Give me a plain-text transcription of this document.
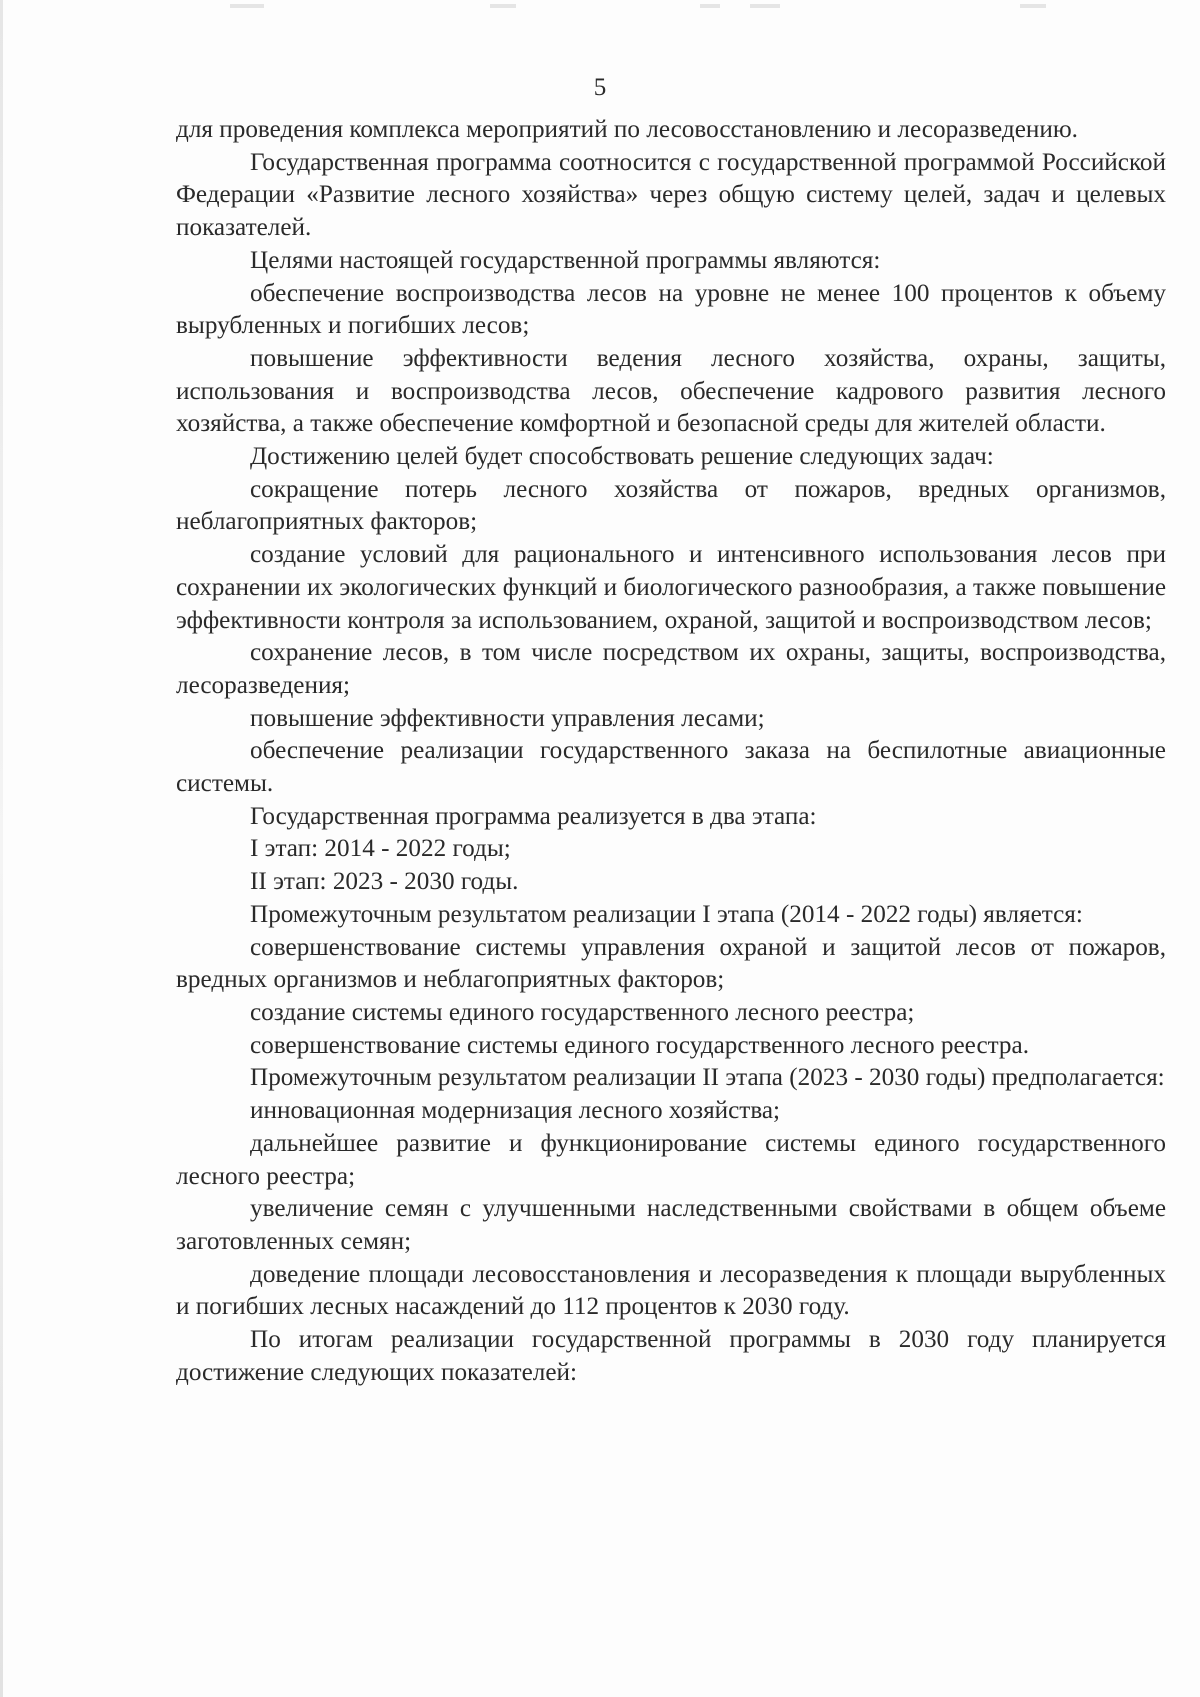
5

для проведения комплекса мероприятий по лесовосстановлению и лесоразведению.

Государственная программа соотносится с государственной программой Российской Федерации «Развитие лесного хозяйства» через общую систему целей, задач и целевых показателей.

Целями настоящей государственной программы являются:

обеспечение воспроизводства лесов на уровне не менее 100 процентов к объему вырубленных и погибших лесов;

повышение эффективности ведения лесного хозяйства, охраны, защиты, использования и воспроизводства лесов, обеспечение кадрового развития лесного хозяйства, а также обеспечение комфортной и безопасной среды для жителей области.

Достижению целей будет способствовать решение следующих задач:

сокращение потерь лесного хозяйства от пожаров, вредных организмов, неблагоприятных факторов;

создание условий для рационального и интенсивного использования лесов при сохранении их экологических функций и биологического разнообразия, а также повышение эффективности контроля за использованием, охраной, защитой и воспроизводством лесов;

сохранение лесов, в том числе посредством их охраны, защиты, воспроизводства, лесоразведения;

повышение эффективности управления лесами;

обеспечение реализации государственного заказа на беспилотные авиационные системы.

Государственная программа реализуется в два этапа:

I этап: 2014 - 2022 годы;

II этап: 2023 - 2030 годы.

Промежуточным результатом реализации I этапа (2014 - 2022 годы) является:

совершенствование системы управления охраной и защитой лесов от пожаров, вредных организмов и неблагоприятных факторов;

создание системы единого государственного лесного реестра;

совершенствование системы единого государственного лесного реестра.

Промежуточным результатом реализации II этапа (2023 - 2030 годы) предполагается:

инновационная модернизация лесного хозяйства;

дальнейшее развитие и функционирование системы единого государственного лесного реестра;

увеличение семян с улучшенными наследственными свойствами в общем объеме заготовленных семян;

доведение площади лесовосстановления и лесоразведения к площади вырубленных и погибших лесных насаждений до 112 процентов к 2030 году.

По итогам реализации государственной программы в 2030 году планируется достижение следующих показателей:
